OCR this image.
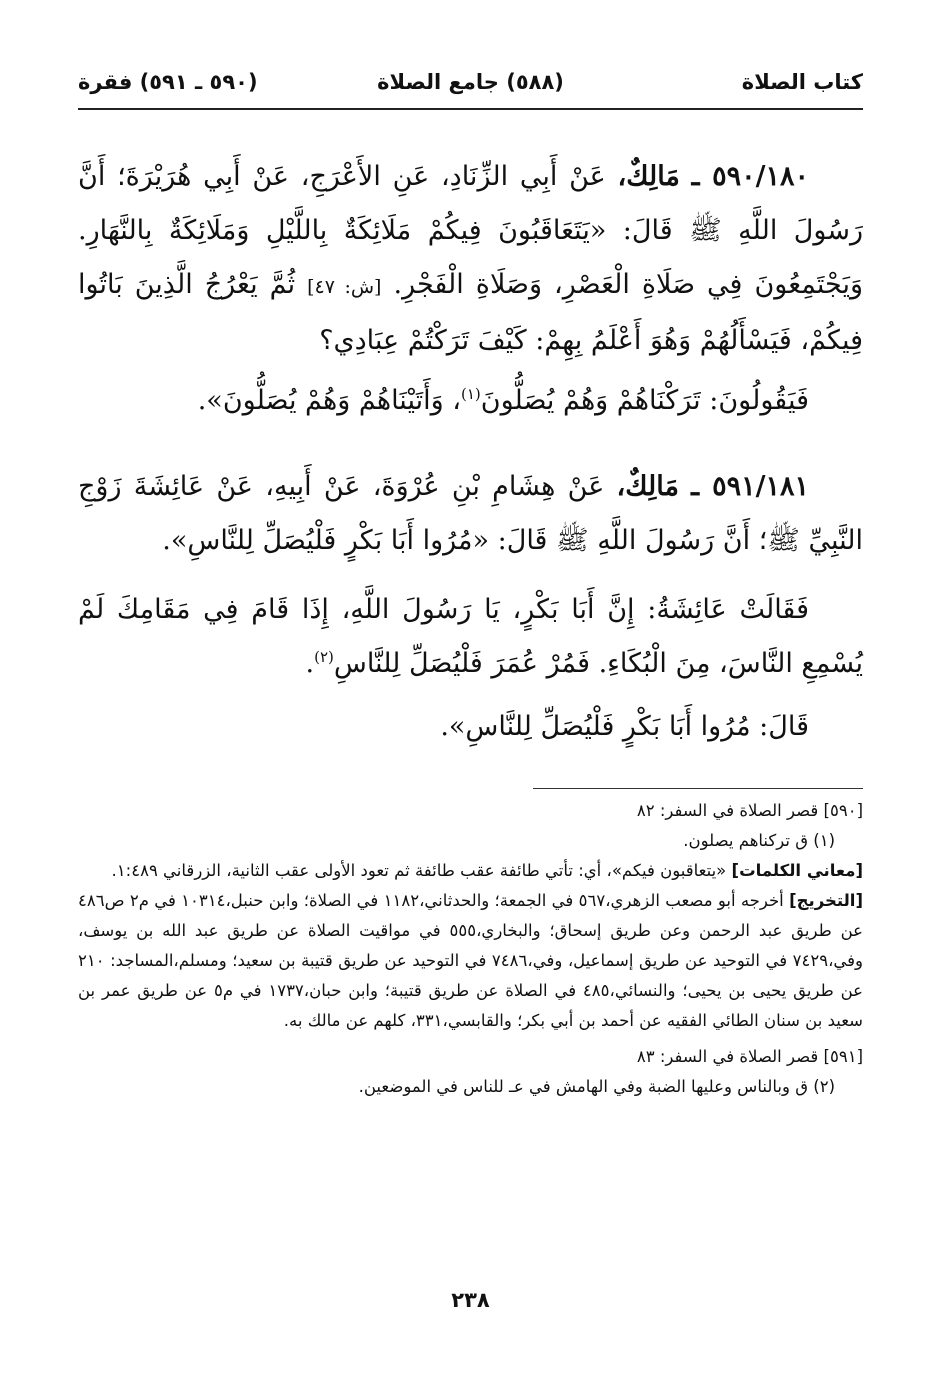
كتاب الصلاة
(٥٨٨) جامع الصلاة
(٥٩٠ ـ ٥٩١) فقرة
٥٩٠/١٨٠ ـ مَالِكٌ، عَنْ أَبِي الزِّنَادِ، عَنِ الأَعْرَجِ، عَنْ أَبِي هُرَيْرَةَ؛ أَنَّ رَسُولَ اللَّهِ ﷺ قَالَ: «يَتَعَاقَبُونَ فِيكُمْ مَلَائِكَةٌ بِاللَّيْلِ وَمَلَائِكَةٌ بِالنَّهَارِ. وَيَجْتَمِعُونَ فِي صَلَاةِ الْعَصْرِ، وَصَلَاةِ الْفَجْرِ. [ش: ٤٧] ثُمَّ يَعْرُجُ الَّذِينَ بَاتُوا فِيكُمْ، فَيَسْأَلُهُمْ وَهُوَ أَعْلَمُ بِهِمْ: كَيْفَ تَرَكْتُمْ عِبَادِي؟
فَيَقُولُونَ: تَرَكْنَاهُمْ وَهُمْ يُصَلُّونَ$^{(١)}$، وَأَتَيْنَاهُمْ وَهُمْ يُصَلُّونَ».
٥٩١/١٨١ ـ مَالِكٌ، عَنْ هِشَامِ بْنِ عُرْوَةَ، عَنْ أَبِيهِ، عَنْ عَائِشَةَ زَوْجِ النَّبِيِّ ﷺ؛ أَنَّ رَسُولَ اللَّهِ ﷺ قَالَ: «مُرُوا أَبَا بَكْرٍ فَلْيُصَلِّ لِلنَّاسِ».
فَقَالَتْ عَائِشَةُ: إِنَّ أَبَا بَكْرٍ، يَا رَسُولَ اللَّهِ، إِذَا قَامَ فِي مَقَامِكَ لَمْ يُسْمِعِ النَّاسَ، مِنَ الْبُكَاءِ. فَمُرْ عُمَرَ فَلْيُصَلِّ لِلنَّاسِ$^{(٢)}$.
قَالَ: مُرُوا أَبَا بَكْرٍ فَلْيُصَلِّ لِلنَّاسِ».
[٥٩٠] قصر الصلاة في السفر: ٨٢
(١) ق تركناهم يصلون.
[معاني الكلمات] «يتعاقبون فيكم»، أي: تأتي طائفة عقب طائفة ثم تعود الأولى عقب الثانية، الزرقاني ١:٤٨٩.
[التخريج] أخرجه أبو مصعب الزهري،٥٦٧ في الجمعة؛ والحدثاني،١١٨٢ في الصلاة؛ وابن حنبل،١٠٣١٤ في م٢ ص٤٨٦ عن طريق عبد الرحمن وعن طريق إسحاق؛ والبخاري،٥٥٥ في مواقيت الصلاة عن طريق عبد الله بن يوسف، وفي،٧٤٢٩ في التوحيد عن طريق إسماعيل، وفي،٧٤٨٦ في التوحيد عن طريق قتيبة بن سعيد؛ ومسلم،المساجد: ٢١٠ عن طريق يحيى بن يحيى؛ والنسائي،٤٨٥ في الصلاة عن طريق قتيبة؛ وابن حبان،١٧٣٧ في م٥ عن طريق عمر بن سعيد بن سنان الطائي الفقيه عن أحمد بن أبي بكر؛ والقابسي،٣٣١، كلهم عن مالك به.
[٥٩١] قصر الصلاة في السفر: ٨٣
(٢) ق وبالناس وعليها الضبة وفي الهامش في عـ للناس في الموضعين.
٢٣٨
